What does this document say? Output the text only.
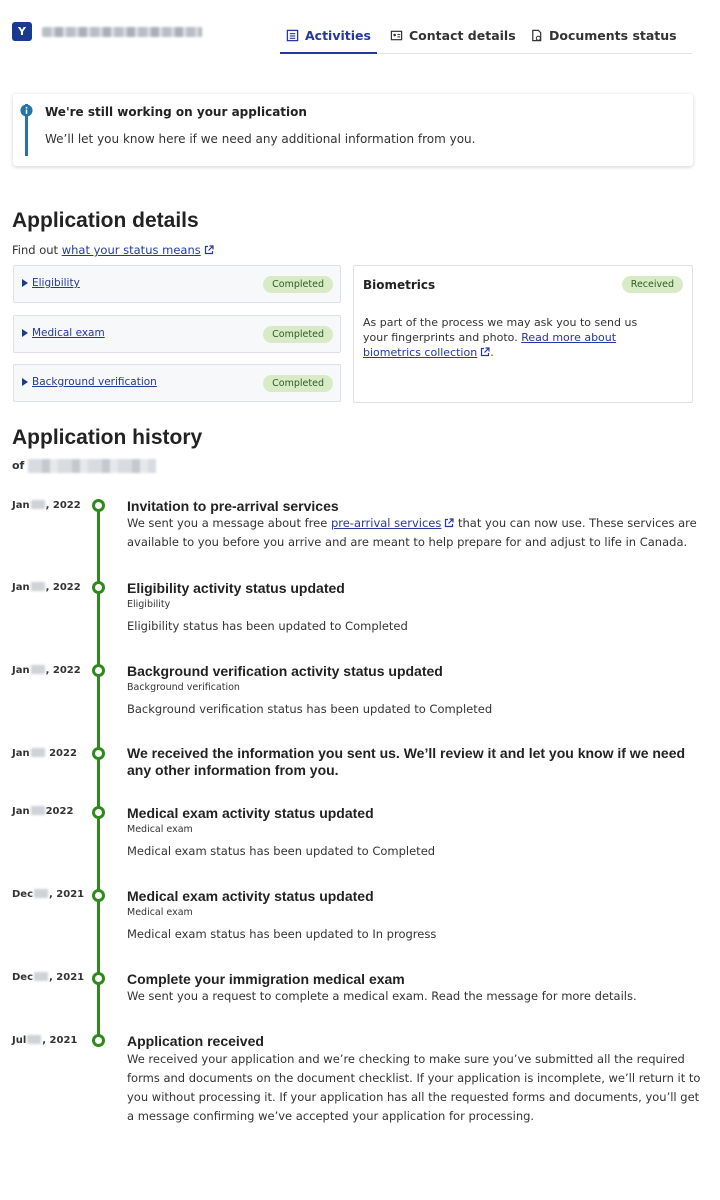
Y	Activities	Contact details	Documents status
We're still working on your application
We’ll let you know here if we need any additional information from you.
Application details
Find out what your status means
Eligibility	Completed
Medical exam	Completed
Background verification	Completed
Biometrics	Received
As part of the process we may ask you to send us your fingerprints and photo. Read more about biometrics collection .
Application history
of
Jan , 2022	Invitation to pre-arrival services
We sent you a message about free pre-arrival services that you can now use. These services are available to you before you arrive and are meant to help prepare for and adjust to life in Canada.
Jan , 2022	Eligibility activity status updated
Eligibility
Eligibility status has been updated to Completed
Jan , 2022	Background verification activity status updated
Background verification
Background verification status has been updated to Completed
Jan 2022	We received the information you sent us. We’ll review it and let you know if we need any other information from you.
Jan 2022	Medical exam activity status updated
Medical exam
Medical exam status has been updated to Completed
Dec , 2021	Medical exam activity status updated
Medical exam
Medical exam status has been updated to In progress
Dec , 2021	Complete your immigration medical exam
We sent you a request to complete a medical exam. Read the message for more details.
Jul , 2021	Application received
We received your application and we’re checking to make sure you’ve submitted all the required forms and documents on the document checklist. If your application is incomplete, we’ll return it to you without processing it. If your application has all the requested forms and documents, you’ll get a message confirming we’ve accepted your application for processing.
